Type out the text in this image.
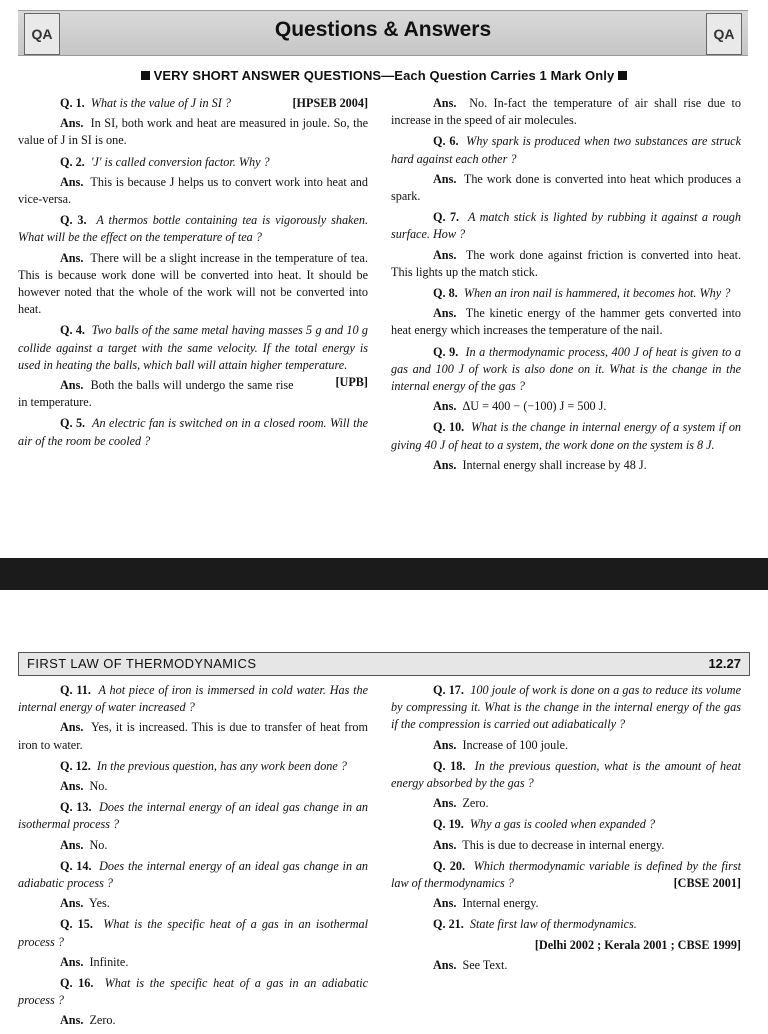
QA	Questions & Answers	QA
VERY SHORT ANSWER QUESTIONS—Each Question Carries 1 Mark Only

Q. 1. What is the value of J in SI ?	[HPSEB 2004]

Ans. In SI, both work and heat are measured in joule. So, the value of J in SI is one.

Q. 2. 'J' is called conversion factor. Why ?

Ans. This is because J helps us to convert work into heat and vice-versa.

Q. 3. A thermos bottle containing tea is vigorously shaken. What will be the effect on the temperature of tea ?

Ans. There will be a slight increase in the temperature of tea. This is because work done will be converted into heat. It should be however noted that the whole of the work will not be converted into heat.

Q. 4. Two balls of the same metal having masses 5 g and 10 g collide against a target with the same velocity. If the total energy is used in heating the balls, which ball will attain higher temperature.
[UPB]

Ans. Both the balls will undergo the same rise in temperature.

Q. 5. An electric fan is switched on in a closed room. Will the air of the room be cooled ?

Ans. No. In-fact the temperature of air shall rise due to increase in the speed of air molecules.

Q. 6. Why spark is produced when two substances are struck hard against each other ?

Ans. The work done is converted into heat which produces a spark.

Q. 7. A match stick is lighted by rubbing it against a rough surface. How ?

Ans. The work done against friction is converted into heat. This lights up the match stick.

Q. 8. When an iron nail is hammered, it becomes hot. Why ?

Ans. The kinetic energy of the hammer gets converted into heat energy which increases the temperature of the nail.

Q. 9. In a thermodynamic process, 400 J of heat is given to a gas and 100 J of work is also done on it. What is the change in the internal energy of the gas ?

Ans. ΔU = 400 − (−100) J = 500 J.

Q. 10. What is the change in internal energy of a system if on giving 40 J of heat to a system, the work done on the system is 8 J.

Ans. Internal energy shall increase by 48 J.

FIRST LAW OF THERMODYNAMICS	12.27

Q. 11. A hot piece of iron is immersed in cold water. Has the internal energy of water increased ?

Ans. Yes, it is increased. This is due to transfer of heat from iron to water.

Q. 12. In the previous question, has any work been done ?

Ans. No.

Q. 13. Does the internal energy of an ideal gas change in an isothermal process ?

Ans. No.

Q. 14. Does the internal energy of an ideal gas change in an adiabatic process ?

Ans. Yes.

Q. 15. What is the specific heat of a gas in an isothermal process ?

Ans. Infinite.

Q. 16. What is the specific heat of a gas in an adiabatic process ?

Ans. Zero.

Q. 17. 100 joule of work is done on a gas to reduce its volume by compressing it. What is the change in the internal energy of the gas if the compression is carried out adiabatically ?

Ans. Increase of 100 joule.

Q. 18. In the previous question, what is the amount of heat energy absorbed by the gas ?

Ans. Zero.

Q. 19. Why a gas is cooled when expanded ?

Ans. This is due to decrease in internal energy.

Q. 20. Which thermodynamic variable is defined by the first law of thermodynamics ?	[CBSE 2001]

Ans. Internal energy.

Q. 21. State first law of thermodynamics.

[Delhi 2002 ; Kerala 2001 ; CBSE 1999]

Ans. See Text.
